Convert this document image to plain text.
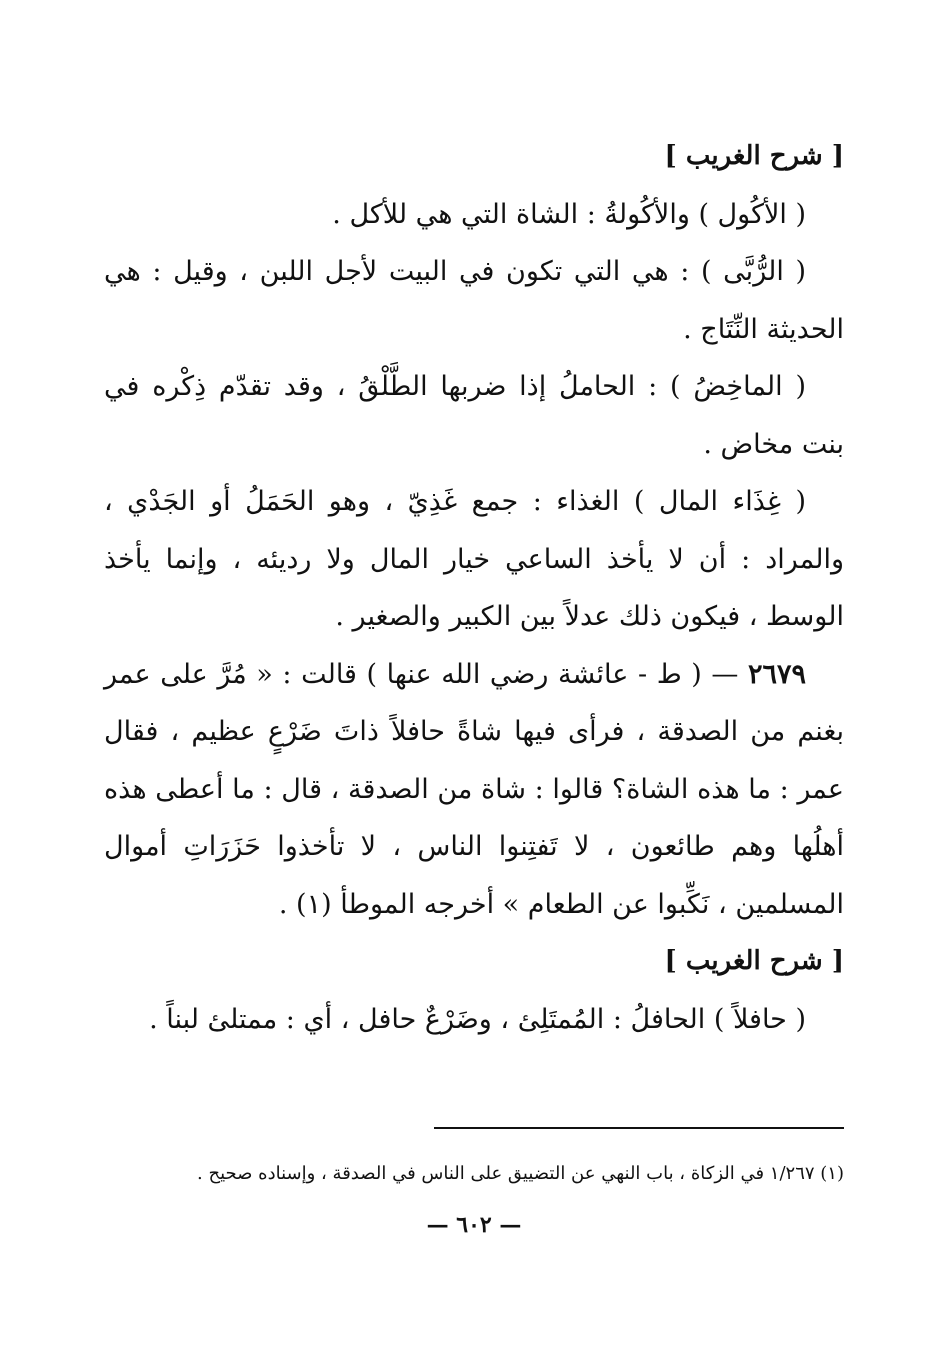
[ شرح الغريب ]

( الأكُول ) والأكُولةُ : الشاة التي هي للأكل .

( الرُّبَّى ) : هي التي تكون في البيت لأجل اللبن ، وقيل : هي الحديثة النِّتَاج .

( الماخِضُ ) : الحاملُ إذا ضربها الطَّلْقُ ، وقد تقدّم ذِكْره في بنت مخاض .

( غِذَاء المال ) الغذاء : جمع غَذِيّ ، وهو الحَمَلُ أو الجَدْي ، والمراد : أن لا يأخذ الساعي خيار المال ولا رديئه ، وإنما يأخذ الوسط ، فيكون ذلك عدلاً بين الكبير والصغير .

٢٦٧٩ — ( ط - عائشة رضي الله عنها ) قالت : « مُرَّ على عمر بغنم من الصدقة ، فرأى فيها شاةً حافلاً ذاتَ ضَرْعٍ عظيم ، فقال عمر : ما هذه الشاة؟ قالوا : شاة من الصدقة ، قال : ما أعطى هذه أهلُها وهم طائعون ، لا تَفتِنوا الناس ، لا تأخذوا حَزَرَاتِ أموال المسلمين ، نَكِّبوا عن الطعام » أخرجه الموطأ (١) .

[ شرح الغريب ]

( حافلاً ) الحافلُ : المُمتَلِئ ، وضَرْعٌ حافل ، أي : ممتلئ لبناً .

(١) ١/٢٦٧ في الزكاة ، باب النهي عن التضييق على الناس في الصدقة ، وإسناده صحيح .
— ٦٠٢ —
